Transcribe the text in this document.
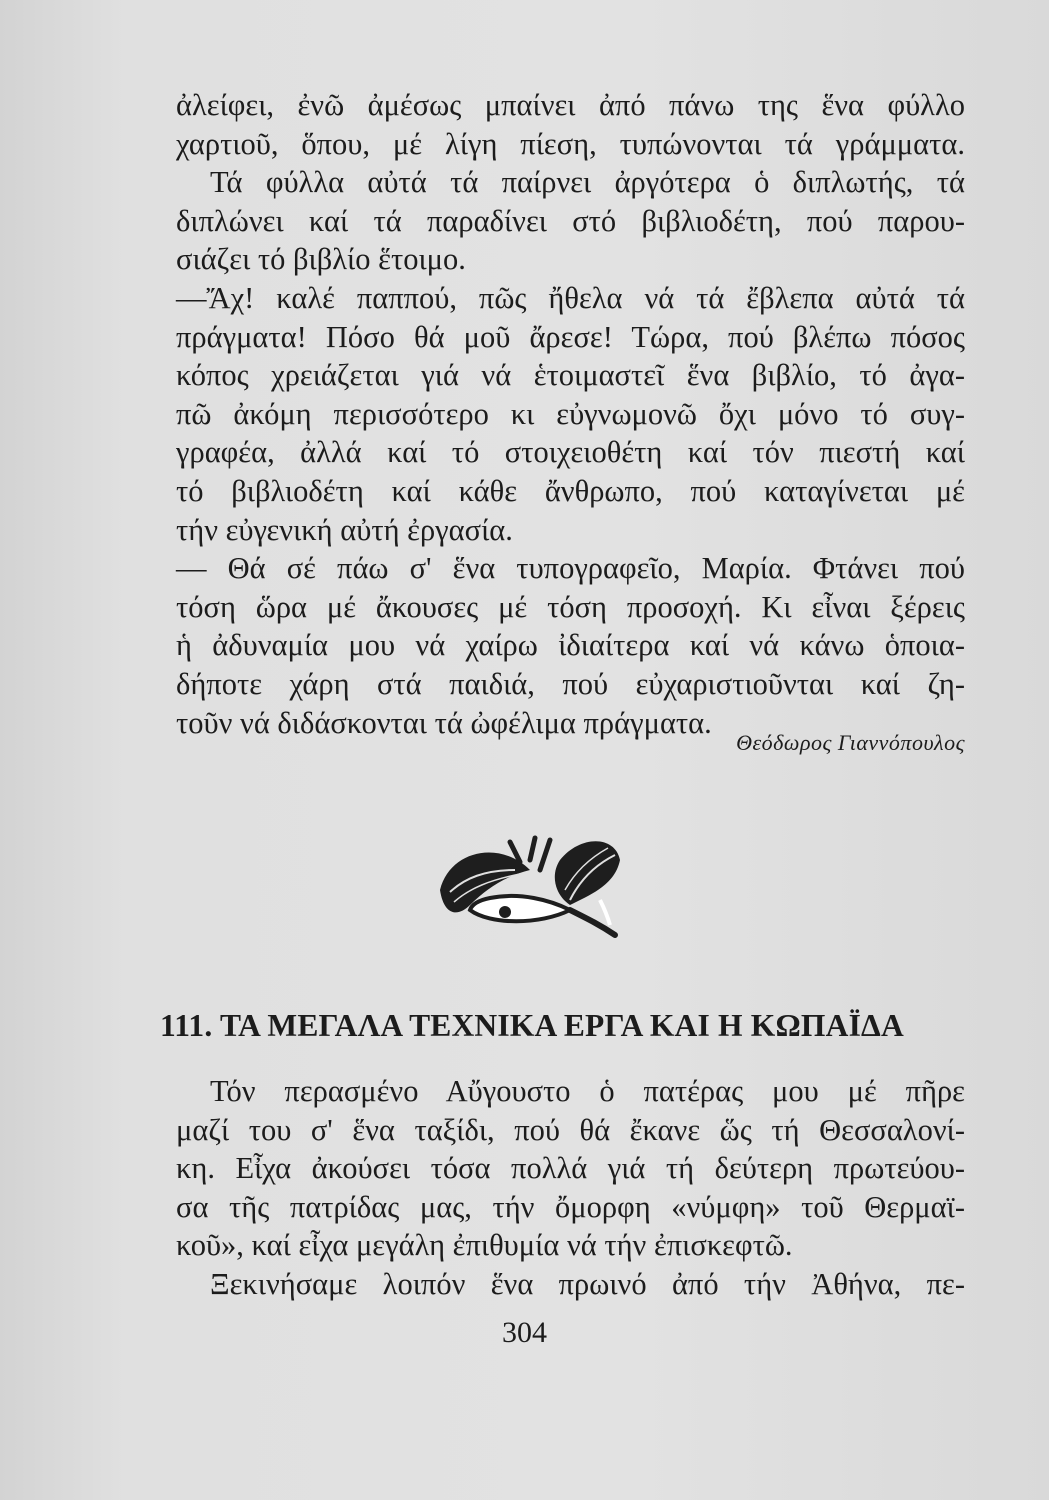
ἀλείφει, ἐνῶ ἀμέσως μπαίνει ἀπό πάνω της ἕνα φύλλο
χαρτιοῦ, ὅπου, μέ λίγη πίεση, τυπώνονται τά γράμματα.
Τά φύλλα αὐτά τά παίρνει ἀργότερα ὁ διπλωτής, τά
διπλώνει καί τά παραδίνει στό βιβλιοδέτη, πού παρου-
σιάζει τό βιβλίο ἕτοιμο.
—Ἄχ! καλέ παππού, πῶς ἤθελα νά τά ἔβλεπα αὐτά τά
πράγματα! Πόσο θά μοῦ ἄρεσε! Τώρα, πού βλέπω πόσος
κόπος χρειάζεται γιά νά ἑτοιμαστεῖ ἕνα βιβλίο, τό ἀγα-
πῶ ἀκόμη περισσότερο κι εὐγνωμονῶ ὄχι μόνο τό συγ-
γραφέα, ἀλλά καί τό στοιχειοθέτη καί τόν πιεστή καί
τό βιβλιοδέτη καί κάθε ἄνθρωπο, πού καταγίνεται μέ
τήν εὐγενική αὐτή ἐργασία.
— Θά σέ πάω σ' ἕνα τυπογραφεῖο, Μαρία. Φτάνει πού
τόση ὥρα μέ ἄκουσες μέ τόση προσοχή. Κι εἶναι ξέρεις
ἡ ἀδυναμία μου νά χαίρω ἰδιαίτερα καί νά κάνω ὁποια-
δήποτε χάρη στά παιδιά, πού εὐχαριστιοῦνται καί ζη-
τοῦν νά διδάσκονται τά ὠφέλιμα πράγματα.
Θεόδωρος Γιαννόπουλος
111. ΤΑ ΜΕΓΑΛΑ ΤΕΧΝΙΚΑ ΕΡΓΑ ΚΑΙ Η ΚΩΠΑΪΔΑ
Τόν περασμένο Αὔγουστο ὁ πατέρας μου μέ πῆρε
μαζί του σ' ἕνα ταξίδι, πού θά ἔκανε ὥς τή Θεσσαλονί-
κη. Εἶχα ἀκούσει τόσα πολλά γιά τή δεύτερη πρωτεύου-
σα τῆς πατρίδας μας, τήν ὄμορφη «νύμφη» τοῦ Θερμαϊ-
κοῦ», καί εἶχα μεγάλη ἐπιθυμία νά τήν ἐπισκεφτῶ.
Ξεκινήσαμε λοιπόν ἕνα πρωινό ἀπό τήν Ἀθήνα, πε-
304
